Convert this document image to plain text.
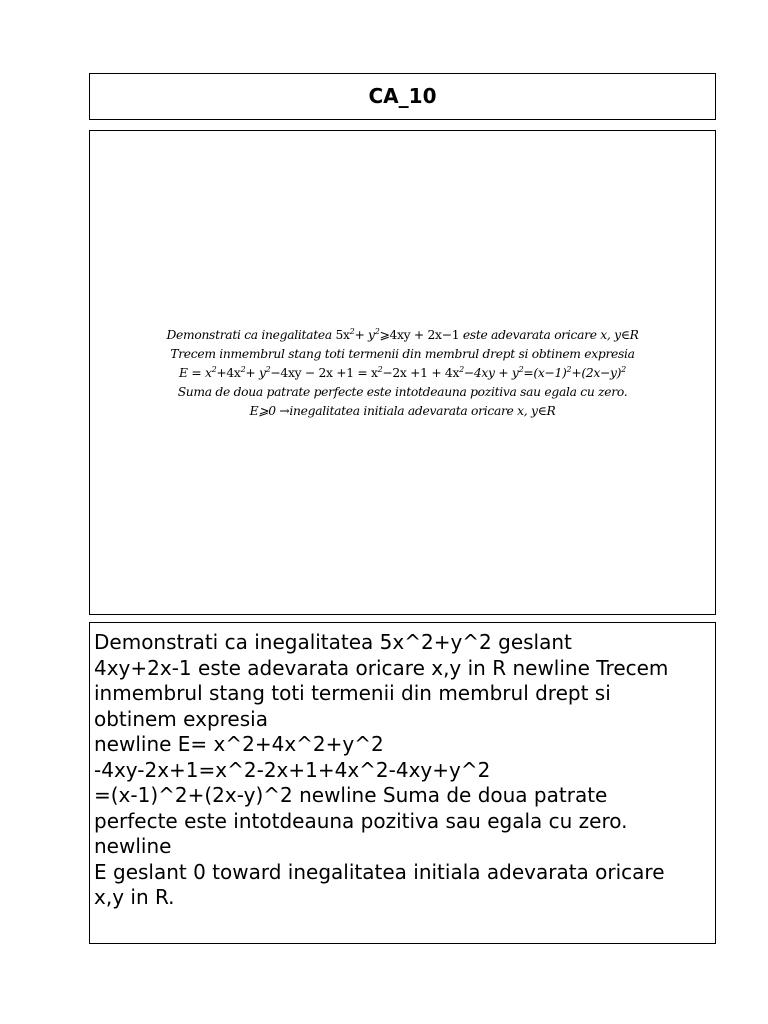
CA_10
Demonstrati ca inegalitatea $5x^2+$ $y^2⩾4xy + 2x-1$ este adevarata oricare x, y∈R
Trecem inmembrul stang toti termenii din membrul drept si obtinem expresia
$E = x^2+4x^2+ y^2-4xy - 2x +1 = x^2-2x +1 + 4x^2-4xy + y^2=(x-1)^2+(2x-y)^2$
Suma de doua patrate perfecte este intotdeauna pozitiva sau egala cu zero.
E⩾0 →inegalitatea initiala adevarata oricare x, y∈R
Demonstrati ca inegalitatea 5x^2+y^2 geslant
4xy+2x-1 este adevarata oricare x,y in R newline Trecem
inmembrul stang toti termenii din membrul drept si
obtinem expresia
newline E= x^2+4x^2+y^2
-4xy-2x+1=x^2-2x+1+4x^2-4xy+y^2
=(x-1)^2+(2x-y)^2 newline Suma de doua patrate
perfecte este intotdeauna pozitiva sau egala cu zero.
newline
E geslant 0 toward inegalitatea initiala adevarata oricare
x,y in R.
